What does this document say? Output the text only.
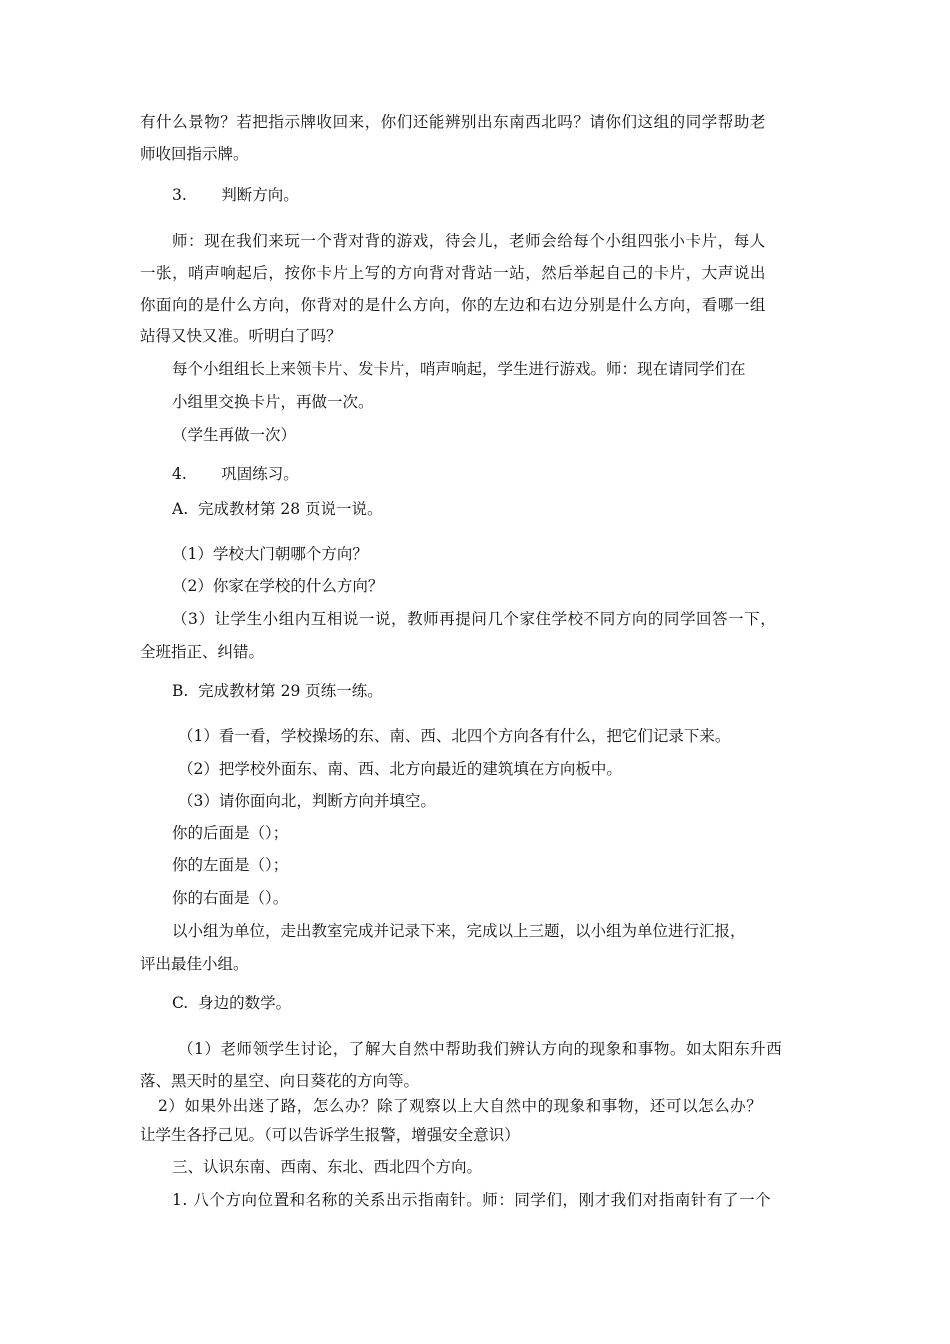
有什么景物？若把指示牌收回来，你们还能辨别出东南西北吗？请你们这组的同学帮助老

师收回指示牌。

3.       判断方向。

师：现在我们来玩一个背对背的游戏，待会儿，老师会给每个小组四张小卡片，每人

一张，哨声响起后，按你卡片上写的方向背对背站一站，然后举起自己的卡片，大声说出

你面向的是什么方向，你背对的是什么方向，你的左边和右边分别是什么方向，看哪一组

站得又快又准。听明白了吗？

每个小组组长上来领卡片、发卡片，哨声响起，学生进行游戏。师：现在请同学们在

小组里交换卡片，再做一次。

（学生再做一次）

4.       巩固练习。

A.  完成教材第 28 页说一说。

（1）学校大门朝哪个方向？

（2）你家在学校的什么方向？

（3）让学生小组内互相说一说，教师再提问几个家住学校不同方向的同学回答一下，

全班指正、纠错。

B.  完成教材第 29 页练一练。

（1）看一看，学校操场的东、南、西、北四个方向各有什么，把它们记录下来。

（2）把学校外面东、南、西、北方向最近的建筑填在方向板中。

（3）请你面向北，判断方向并填空。

你的后面是（）；

你的左面是（）；

你的右面是（）。

以小组为单位，走出教室完成并记录下来，完成以上三题，以小组为单位进行汇报，

评出最佳小组。

C.  身边的数学。

（1）老师领学生讨论，了解大自然中帮助我们辨认方向的现象和事物。如太阳东升西

落、黑天时的星空、向日葵花的方向等。

2）如果外出迷了路，怎么办？除了观察以上大自然中的现象和事物，还可以怎么办？

让学生各抒己见。（可以告诉学生报警，增强安全意识）

三、认识东南、西南、东北、西北四个方向。

1. 八个方向位置和名称的关系出示指南针。师：同学们，刚才我们对指南针有了一个
